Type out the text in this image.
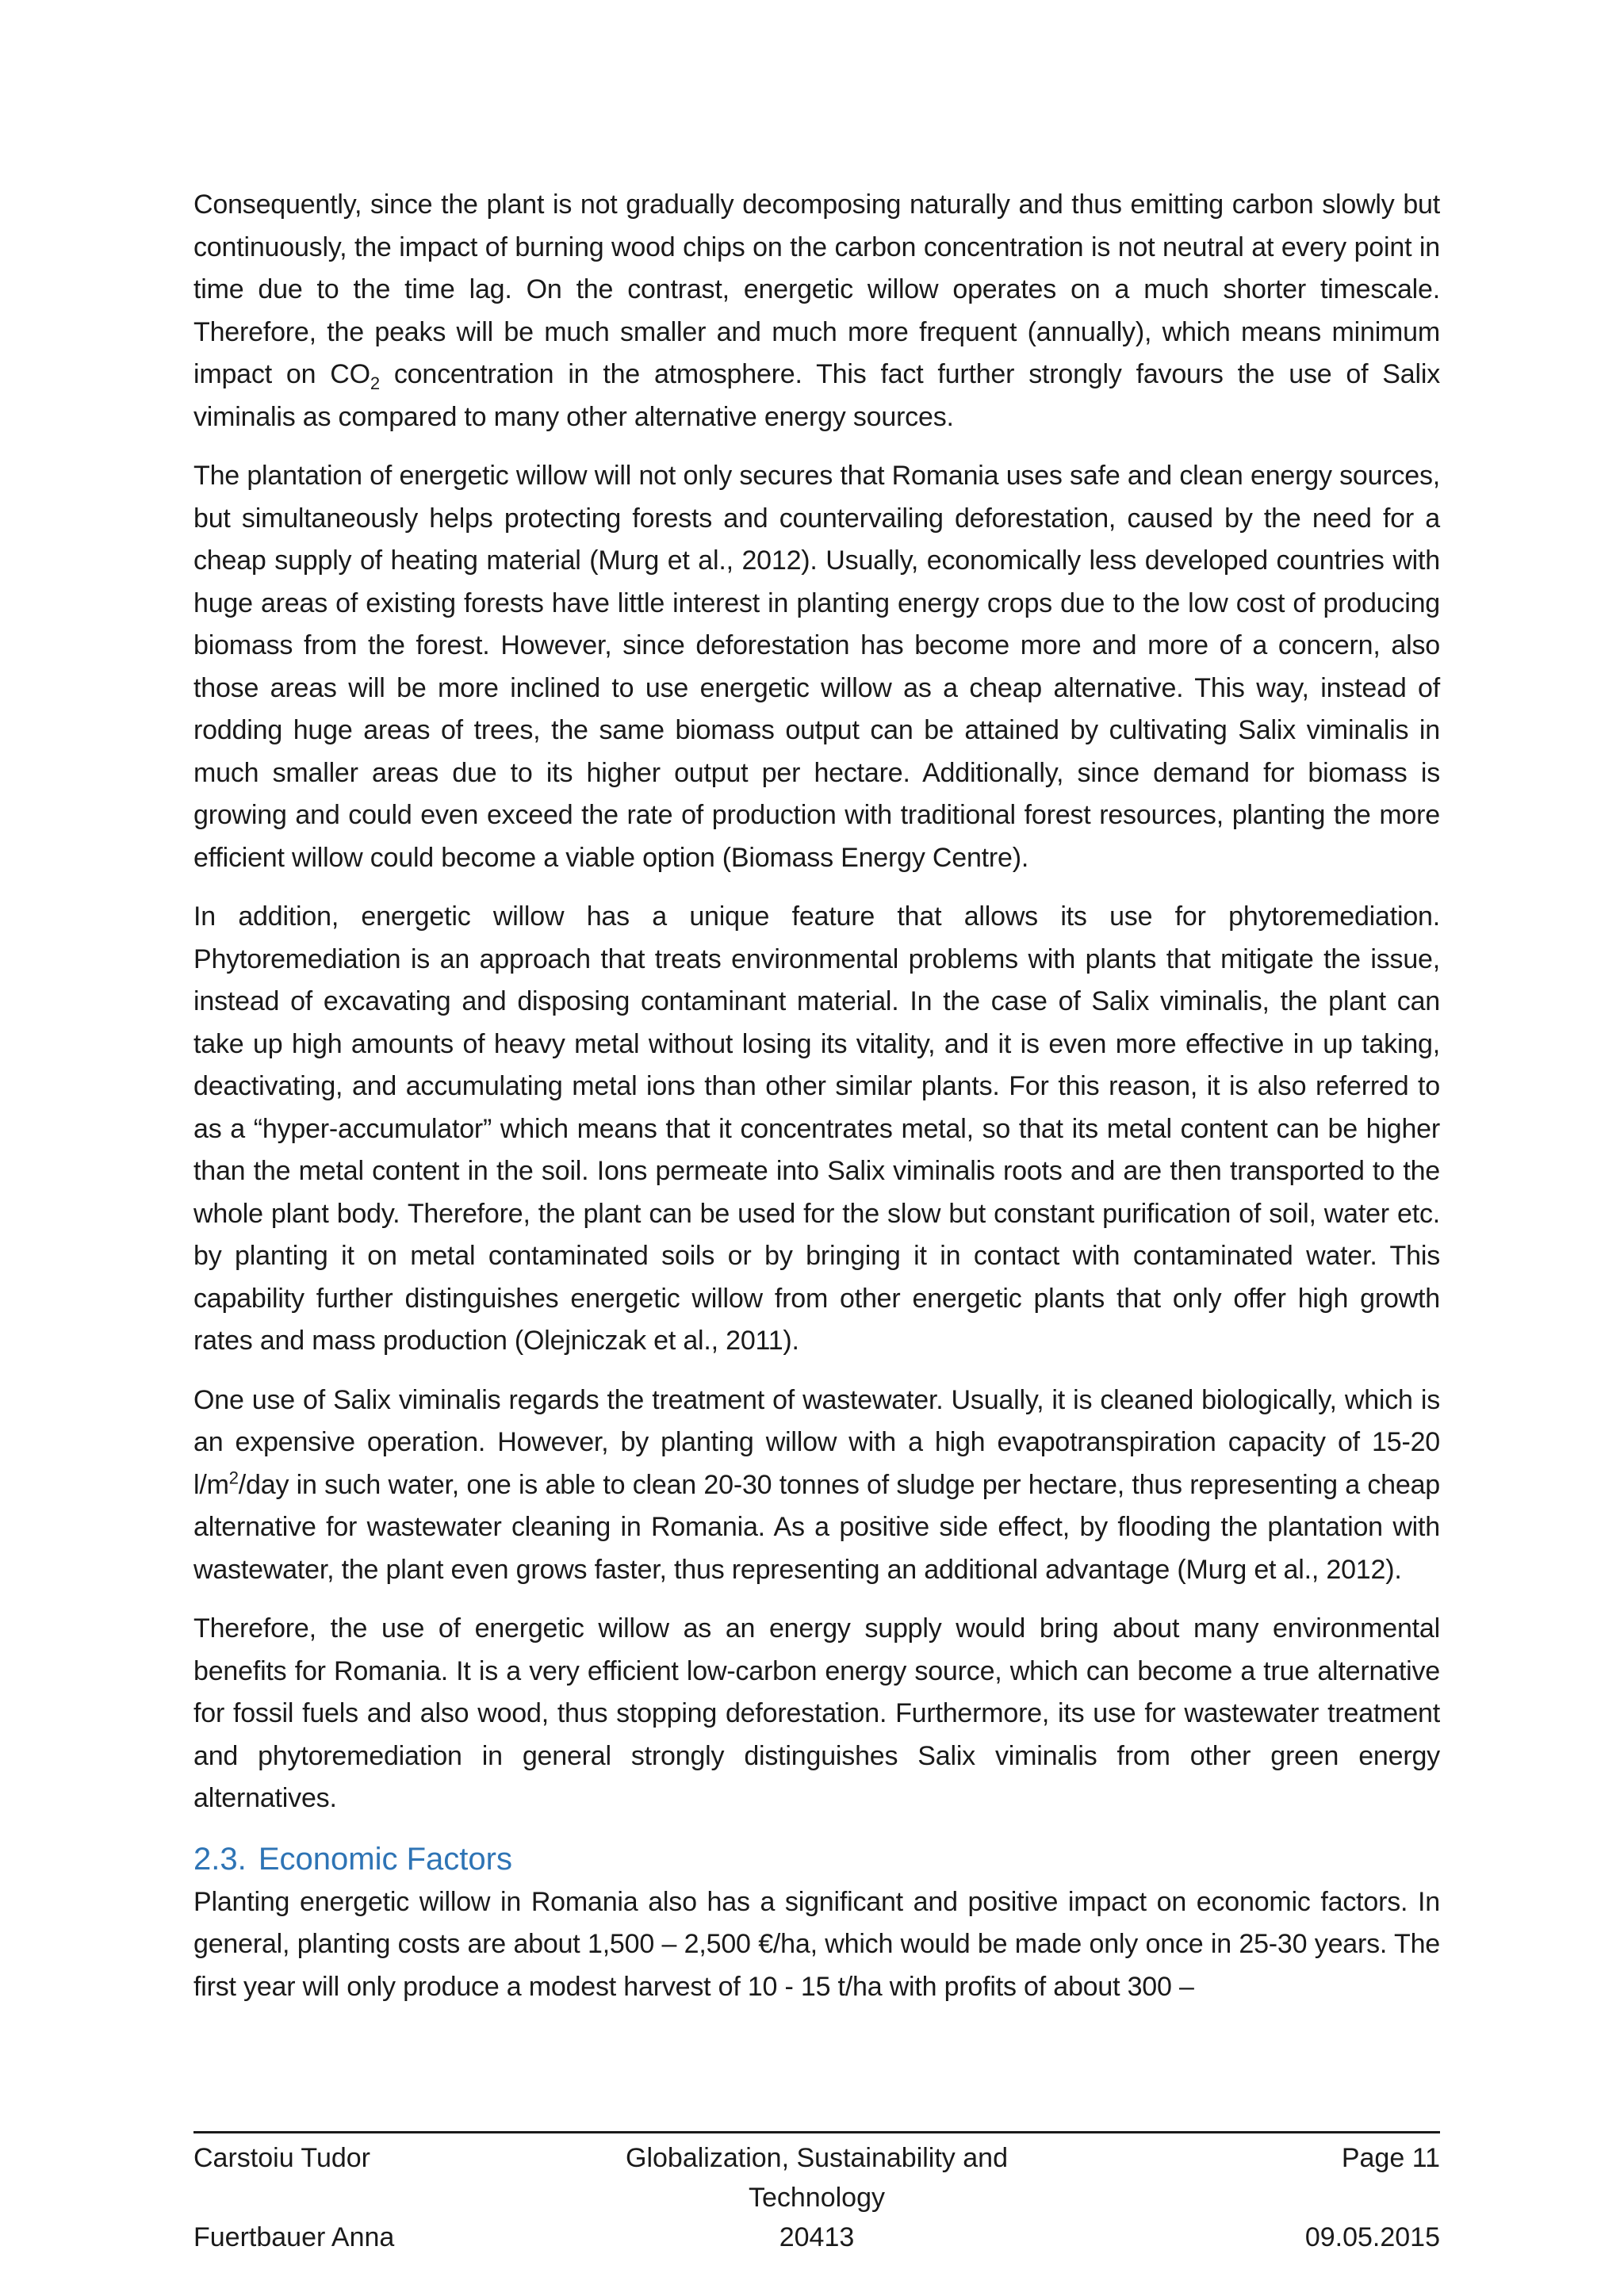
Consequently, since the plant is not gradually decomposing naturally and thus emitting carbon slowly but continuously, the impact of burning wood chips on the carbon concentration is not neutral at every point in time due to the time lag. On the contrast, energetic willow operates on a much shorter timescale. Therefore, the peaks will be much smaller and much more frequent (annually), which means minimum impact on $CO_2$ concentration in the atmosphere. This fact further strongly favours the use of Salix viminalis as compared to many other alternative energy sources.

The plantation of energetic willow will not only secures that Romania uses safe and clean energy sources, but simultaneously helps protecting forests and countervailing deforestation, caused by the need for a cheap supply of heating material (Murg et al., 2012). Usually, economically less developed countries with huge areas of existing forests have little interest in planting energy crops due to the low cost of producing biomass from the forest. However, since deforestation has become more and more of a concern, also those areas will be more inclined to use energetic willow as a cheap alternative. This way, instead of rodding huge areas of trees, the same biomass output can be attained by cultivating Salix viminalis in much smaller areas due to its higher output per hectare. Additionally, since demand for biomass is growing and could even exceed the rate of production with traditional forest resources, planting the more efficient willow could become a viable option (Biomass Energy Centre).

In addition, energetic willow has a unique feature that allows its use for phytoremediation. Phytoremediation is an approach that treats environmental problems with plants that mitigate the issue, instead of excavating and disposing contaminant material. In the case of Salix viminalis, the plant can take up high amounts of heavy metal without losing its vitality, and it is even more effective in up taking, deactivating, and accumulating metal ions than other similar plants. For this reason, it is also referred to as a “hyper-accumulator” which means that it concentrates metal, so that its metal content can be higher than the metal content in the soil. Ions permeate into Salix viminalis roots and are then transported to the whole plant body. Therefore, the plant can be used for the slow but constant purification of soil, water etc. by planting it on metal contaminated soils or by bringing it in contact with contaminated water. This capability further distinguishes energetic willow from other energetic plants that only offer high growth rates and mass production (Olejniczak et al., 2011).

One use of Salix viminalis regards the treatment of wastewater. Usually, it is cleaned biologically, which is an expensive operation. However, by planting willow with a high evapotranspiration capacity of 15-20 $l/m^2$/day in such water, one is able to clean 20-30 tonnes of sludge per hectare, thus representing a cheap alternative for wastewater cleaning in Romania. As a positive side effect, by flooding the plantation with wastewater, the plant even grows faster, thus representing an additional advantage (Murg et al., 2012).

Therefore, the use of energetic willow as an energy supply would bring about many environmental benefits for Romania. It is a very efficient low-carbon energy source, which can become a true alternative for fossil fuels and also wood, thus stopping deforestation. Furthermore, its use for wastewater treatment and phytoremediation in general strongly distinguishes Salix viminalis from other green energy alternatives.

2.3. Economic Factors

Planting energetic willow in Romania also has a significant and positive impact on economic factors. In general, planting costs are about 1,500 – 2,500 €/ha, which would be made only once in 25-30 years. The first year will only produce a modest harvest of 10 - 15 t/ha with profits of about 300 –

Carstoiu Tudor	Globalization, Sustainability and Technology
Page 11
Fuertbauer Anna	20413	09.05.2015
